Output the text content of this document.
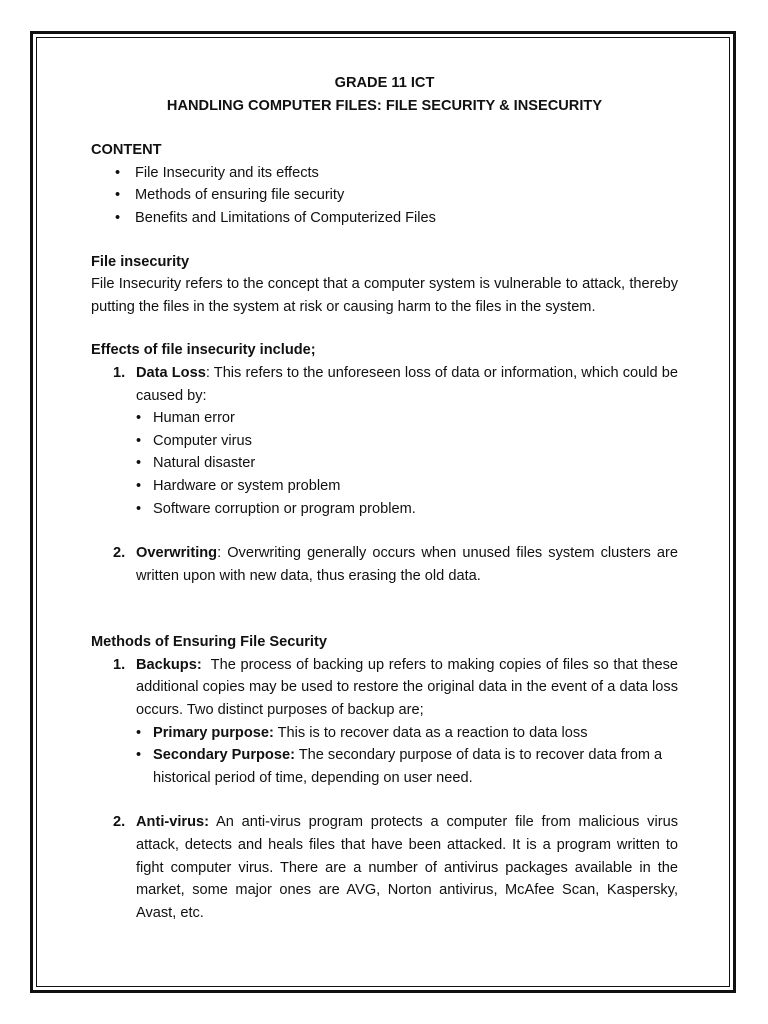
GRADE 11 ICT

HANDLING COMPUTER FILES: FILE SECURITY & INSECURITY

CONTENT

• File Insecurity and its effects
• Methods of ensuring file security
• Benefits and Limitations of Computerized Files

File insecurity

File Insecurity refers to the concept that a computer system is vulnerable to attack, thereby putting the files in the system at risk or causing harm to the files in the system.

Effects of file insecurity include;

1. Data Loss: This refers to the unforeseen loss of data or information, which could be caused by:
• Human error
• Computer virus
• Natural disaster
• Hardware or system problem
• Software corruption or program problem.
2. Overwriting: Overwriting generally occurs when unused files system clusters are written upon with new data, thus erasing the old data.

Methods of Ensuring File Security

1. Backups:  The process of backing up refers to making copies of files so that these additional copies may be used to restore the original data in the event of a data loss occurs. Two distinct purposes of backup are;
• Primary purpose: This is to recover data as a reaction to data loss
• Secondary Purpose: The secondary purpose of data is to recover data from a historical period of time, depending on user need.
2. Anti-virus: An anti-virus program protects a computer file from malicious virus attack, detects and heals files that have been attacked. It is a program written to fight computer virus. There are a number of antivirus packages available in the market, some major ones are AVG, Norton antivirus, McAfee Scan, Kaspersky, Avast, etc.
